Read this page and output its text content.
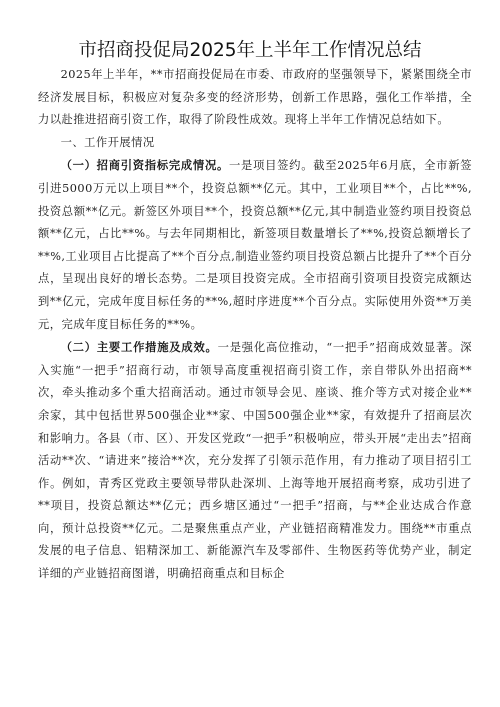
市招商投促局2025年上半年工作情况总结

2025年上半年，**市招商投促局在市委、市政府的坚强领导下，紧紧围绕全市经济发展目标，积极应对复杂多变的经济形势，创新工作思路，强化工作举措，全力以赴推进招商引资工作，取得了阶段性成效。现将上半年工作情况总结如下。

一、工作开展情况

（一）招商引资指标完成情况。一是项目签约。截至2025年6月底，全市新签引进5000万元以上项目**个，投资总额**亿元。其中，工业项目**个，占比**%,投资总额**亿元。新签区外项目**个，投资总额**亿元,其中制造业签约项目投资总额**亿元，占比**%。与去年同期相比，新签项目数量增长了**%,投资总额增长了**%,工业项目占比提高了**个百分点,制造业签约项目投资总额占比提升了**个百分点，呈现出良好的增长态势。二是项目投资完成。全市招商引资项目投资完成额达到**亿元，完成年度目标任务的**%,超时序进度**个百分点。实际使用外资**万美元，完成年度目标任务的**%。

（二）主要工作措施及成效。一是强化高位推动，“一把手”招商成效显著。深入实施“一把手”招商行动，市领导高度重视招商引资工作，亲自带队外出招商**次，牵头推动多个重大招商活动。通过市领导会见、座谈、推介等方式对接企业**余家，其中包括世界500强企业**家、中国500强企业**家，有效提升了招商层次和影响力。各县（市、区）、开发区党政“一把手”积极响应，带头开展“走出去”招商活动**次、“请进来”接洽**次，充分发挥了引领示范作用，有力推动了项目招引工作。例如，青秀区党政主要领导带队赴深圳、上海等地开展招商考察，成功引进了**项目，投资总额达**亿元；西乡塘区通过“一把手”招商，与**企业达成合作意向，预计总投资**亿元。二是聚焦重点产业，产业链招商精准发力。围绕**市重点发展的电子信息、铝精深加工、新能源汽车及零部件、生物医药等优势产业，制定详细的产业链招商图谱，明确招商重点和目标企
